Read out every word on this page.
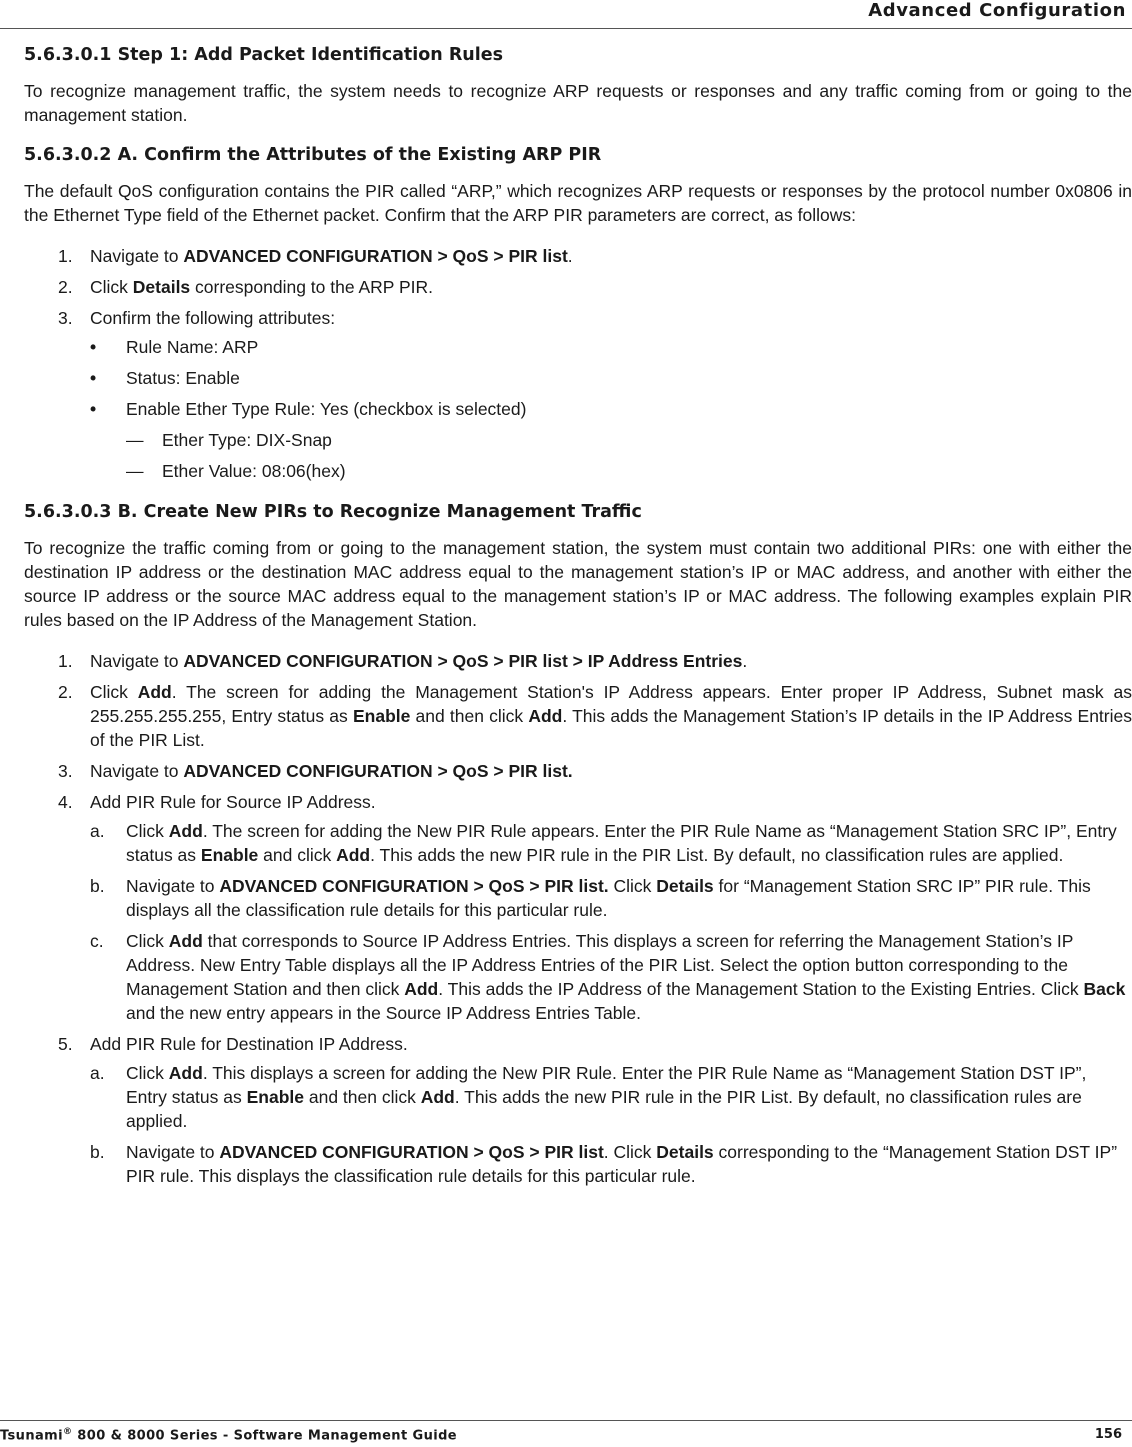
Advanced Configuration
5.6.3.0.1 Step 1: Add Packet Identification Rules

To recognize management traffic, the system needs to recognize ARP requests or responses and any traffic coming from or going to the management station.

5.6.3.0.2 A. Confirm the Attributes of the Existing ARP PIR

The default QoS configuration contains the PIR called “ARP,” which recognizes ARP requests or responses by the protocol number 0x0806 in the Ethernet Type field of the Ethernet packet. Confirm that the ARP PIR parameters are correct, as follows:

1. Navigate to ADVANCED CONFIGURATION > QoS > PIR list.
2. Click Details corresponding to the ARP PIR.
3. Confirm the following attributes:
• Rule Name: ARP
• Status: Enable
• Enable Ether Type Rule: Yes (checkbox is selected)
— Ether Type: DIX-Snap
— Ether Value: 08:06(hex)
5.6.3.0.3 B. Create New PIRs to Recognize Management Traffic

To recognize the traffic coming from or going to the management station, the system must contain two additional PIRs: one with either the destination IP address or the destination MAC address equal to the management station’s IP or MAC address, and another with either the source IP address or the source MAC address equal to the management station’s IP or MAC address. The following examples explain PIR rules based on the IP Address of the Management Station.

1. Navigate to ADVANCED CONFIGURATION > QoS > PIR list > IP Address Entries.
2. Click Add. The screen for adding the Management Station's IP Address appears. Enter proper IP Address, Subnet mask as 255.255.255.255, Entry status as Enable and then click Add. This adds the Management Station’s IP details in the IP Address Entries of the PIR List.
3. Navigate to ADVANCED CONFIGURATION > QoS > PIR list.
4. Add PIR Rule for Source IP Address.
a. Click Add. The screen for adding the New PIR Rule appears. Enter the PIR Rule Name as “Management Station SRC IP”, Entry status as Enable and click Add. This adds the new PIR rule in the PIR List. By default, no classification rules are applied.
b. Navigate to ADVANCED CONFIGURATION > QoS > PIR list. Click Details for “Management Station SRC IP” PIR rule. This displays all the classification rule details for this particular rule.
c. Click Add that corresponds to Source IP Address Entries. This displays a screen for referring the Management Station’s IP Address. New Entry Table displays all the IP Address Entries of the PIR List. Select the option button corresponding to the Management Station and then click Add. This adds the IP Address of the Management Station to the Existing Entries. Click Back and the new entry appears in the Source IP Address Entries Table.
5. Add PIR Rule for Destination IP Address.
a. Click Add. This displays a screen for adding the New PIR Rule. Enter the PIR Rule Name as “Management Station DST IP”, Entry status as Enable and then click Add. This adds the new PIR rule in the PIR List. By default, no classification rules are applied.
b. Navigate to ADVANCED CONFIGURATION > QoS > PIR list. Click Details corresponding to the “Management Station DST IP” PIR rule. This displays the classification rule details for this particular rule.
Tsunami® 800 & 8000 Series - Software Management Guide	156
